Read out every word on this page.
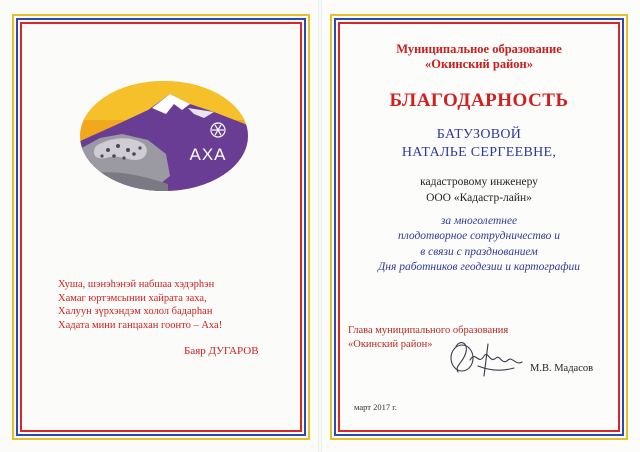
АХА
Хуша, шэнэһэнэй набшаа хэдэрһэн
Хамаг юртэмсынии хайрата заха,
Халуун зүрхэндэм холол бадарһан
Хадата мини ганцахан гоонто – Аха!
Баяр ДУГАРОВ
Муниципальное образование
«Окинский район»
БЛАГОДАРНОСТЬ
БАТУЗОВОЙ
НАТАЛЬЕ СЕРГЕЕВНЕ,
кадастровому инженеру
ООО «Кадастр-лайн»
за многолетнее
плодотворное сотрудничество и
в связи с празднованием
Дня работников геодезии и картографии
Глава муниципального образования
«Окинский район»
М.В. Мадасов
март 2017 г.
